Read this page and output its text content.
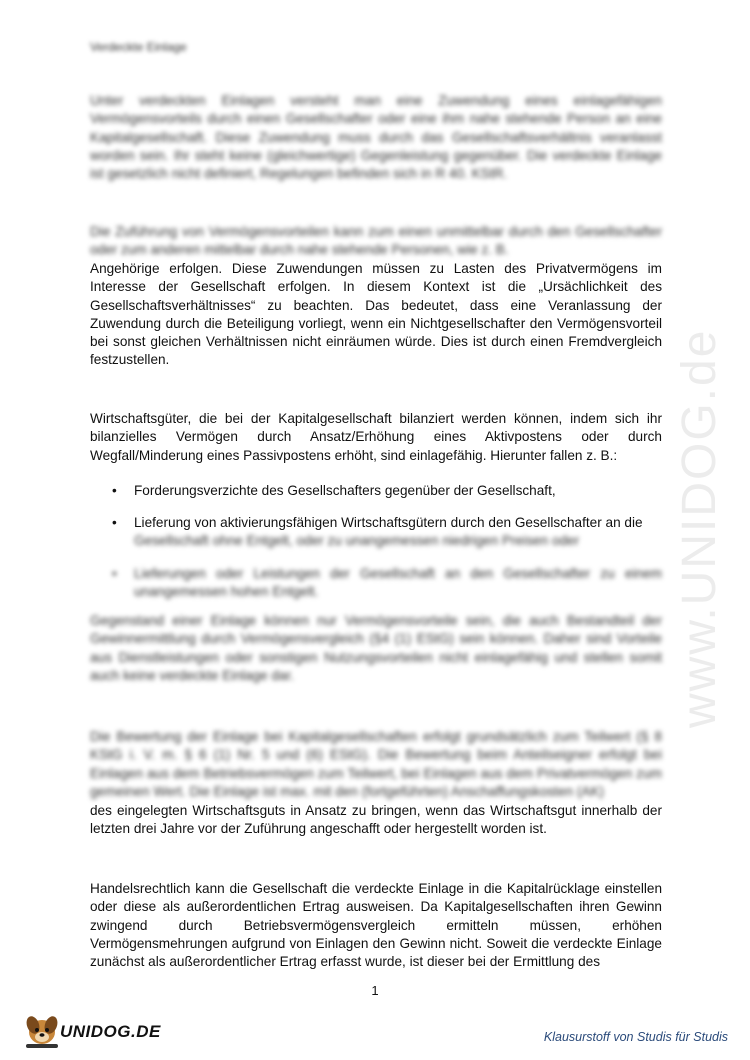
www.UNIDOG.de
Verdeckte Einlage

Unter verdeckten Einlagen versteht man eine Zuwendung eines einlagefähigen Vermögensvorteils durch einen Gesellschafter oder eine ihm nahe stehende Person an eine Kapitalgesellschaft. Diese Zuwendung muss durch das Gesellschaftsverhältnis veranlasst worden sein. Ihr steht keine (gleichwertige) Gegenleistung gegenüber. Die verdeckte Einlage ist gesetzlich nicht definiert, Regelungen befinden sich in R 40. KStR.

Die Zuführung von Vermögensvorteilen kann zum einen unmittelbar durch den Gesellschafter oder zum anderen mittelbar durch nahe stehende Personen, wie z. B.

Angehörige erfolgen. Diese Zuwendungen müssen zu Lasten des Privatvermögens im Interesse der Gesellschaft erfolgen. In diesem Kontext ist die „Ursächlichkeit des Gesellschaftsverhältnisses“ zu beachten. Das bedeutet, dass eine Veranlassung der Zuwendung durch die Beteiligung vorliegt, wenn ein Nichtgesellschafter den Vermögensvorteil bei sonst gleichen Verhältnissen nicht einräumen würde. Dies ist durch einen Fremdvergleich festzustellen.

Wirtschaftsgüter, die bei der Kapitalgesellschaft bilanziert werden können, indem sich ihr bilanzielles Vermögen durch Ansatz/Erhöhung eines Aktivpostens oder durch Wegfall/Minderung eines Passivpostens erhöht, sind einlagefähig. Hierunter fallen z. B.:

• Forderungsverzichte des Gesellschafters gegenüber der Gesellschaft,
• Lieferung von aktivierungsfähigen Wirtschaftsgütern durch den Gesellschafter an die

Gesellschaft ohne Entgelt, oder zu unangemessen niedrigen Preisen oder

• Lieferungen oder Leistungen der Gesellschaft an den Gesellschafter zu einem unangemessen hohen Entgelt.

Gegenstand einer Einlage können nur Vermögensvorteile sein, die auch Bestandteil der Gewinnermittlung durch Vermögensvergleich (§4 (1) EStG) sein können. Daher sind Vorteile aus Dienstleistungen oder sonstigen Nutzungsvorteilen nicht einlagefähig und stellen somit auch keine verdeckte Einlage dar.

Die Bewertung der Einlage bei Kapitalgesellschaften erfolgt grundsätzlich zum Teilwert (§ 8 KStG i. V. m. § 6 (1) Nr. 5 und (6) EStG). Die Bewertung beim Anteilseigner erfolgt bei Einlagen aus dem Betriebsvermögen zum Teilwert, bei Einlagen aus dem Privatvermögen zum gemeinen Wert. Die Einlage ist max. mit den (fortgeführten) Anschaffungskosten (AK)

des eingelegten Wirtschaftsguts in Ansatz zu bringen, wenn das Wirtschaftsgut innerhalb der letzten drei Jahre vor der Zuführung angeschafft oder hergestellt worden ist.

Handelsrechtlich kann die Gesellschaft die verdeckte Einlage in die Kapitalrücklage einstellen oder diese als außerordentlichen Ertrag ausweisen. Da Kapitalgesellschaften ihren Gewinn zwingend durch Betriebsvermögensvergleich ermitteln müssen, erhöhen Vermögensmehrungen aufgrund von Einlagen den Gewinn nicht. Soweit die verdeckte Einlage zunächst als außerordentlicher Ertrag erfasst wurde, ist dieser bei der Ermittlung des

1
UNIDOG.DE	Klausurstoff von Studis für Studis
